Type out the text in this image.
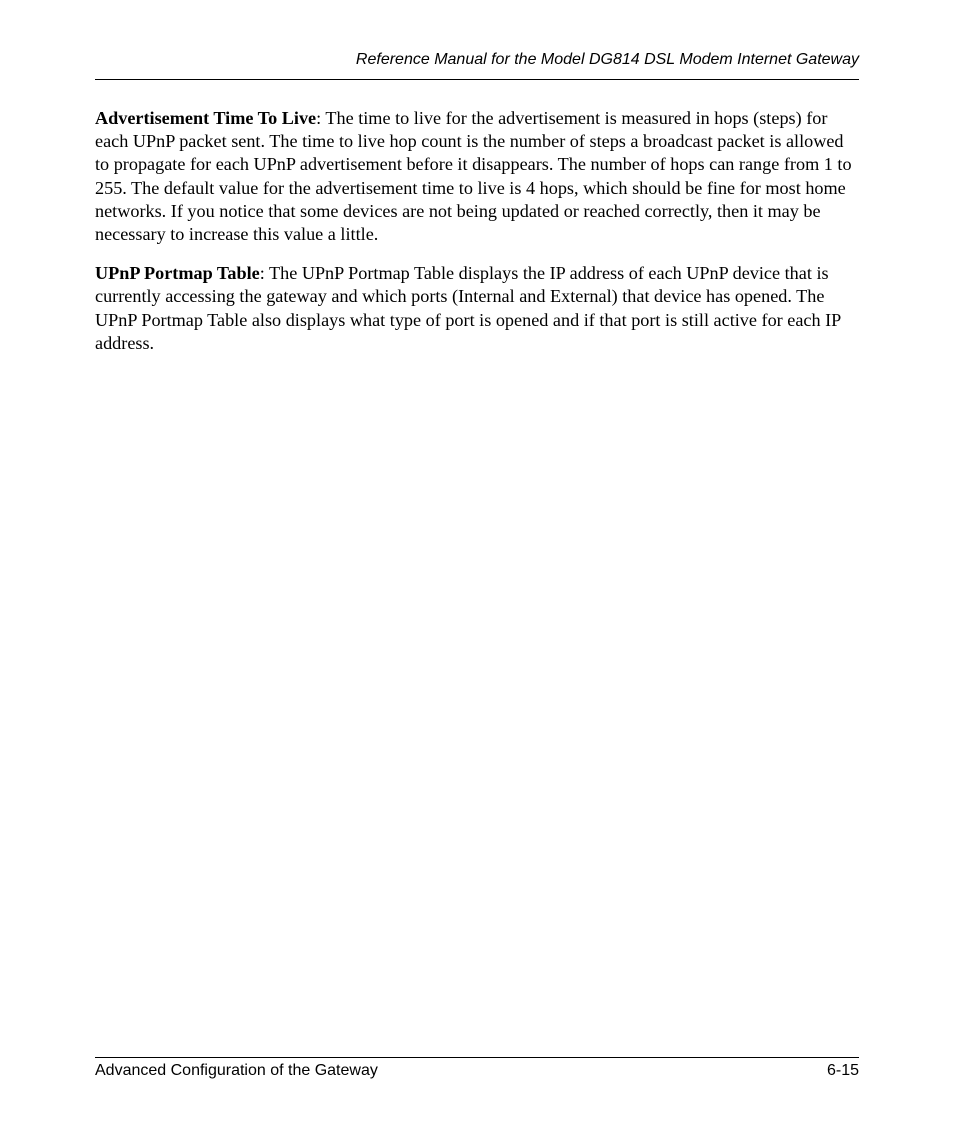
Reference Manual for the Model DG814 DSL Modem Internet Gateway

Advertisement Time To Live: The time to live for the advertisement is measured in hops (steps) for each UPnP packet sent. The time to live hop count is the number of steps a broadcast packet is allowed to propagate for each UPnP advertisement before it disappears. The number of hops can range from 1 to 255. The default value for the advertisement time to live is 4 hops, which should be fine for most home networks. If you notice that some devices are not being updated or reached correctly, then it may be necessary to increase this value a little.

UPnP Portmap Table: The UPnP Portmap Table displays the IP address of each UPnP device that is currently accessing the gateway and which ports (Internal and External) that device has opened. The UPnP Portmap Table also displays what type of port is opened and if that port is still active for each IP address.

Advanced Configuration of the Gateway	6-15
